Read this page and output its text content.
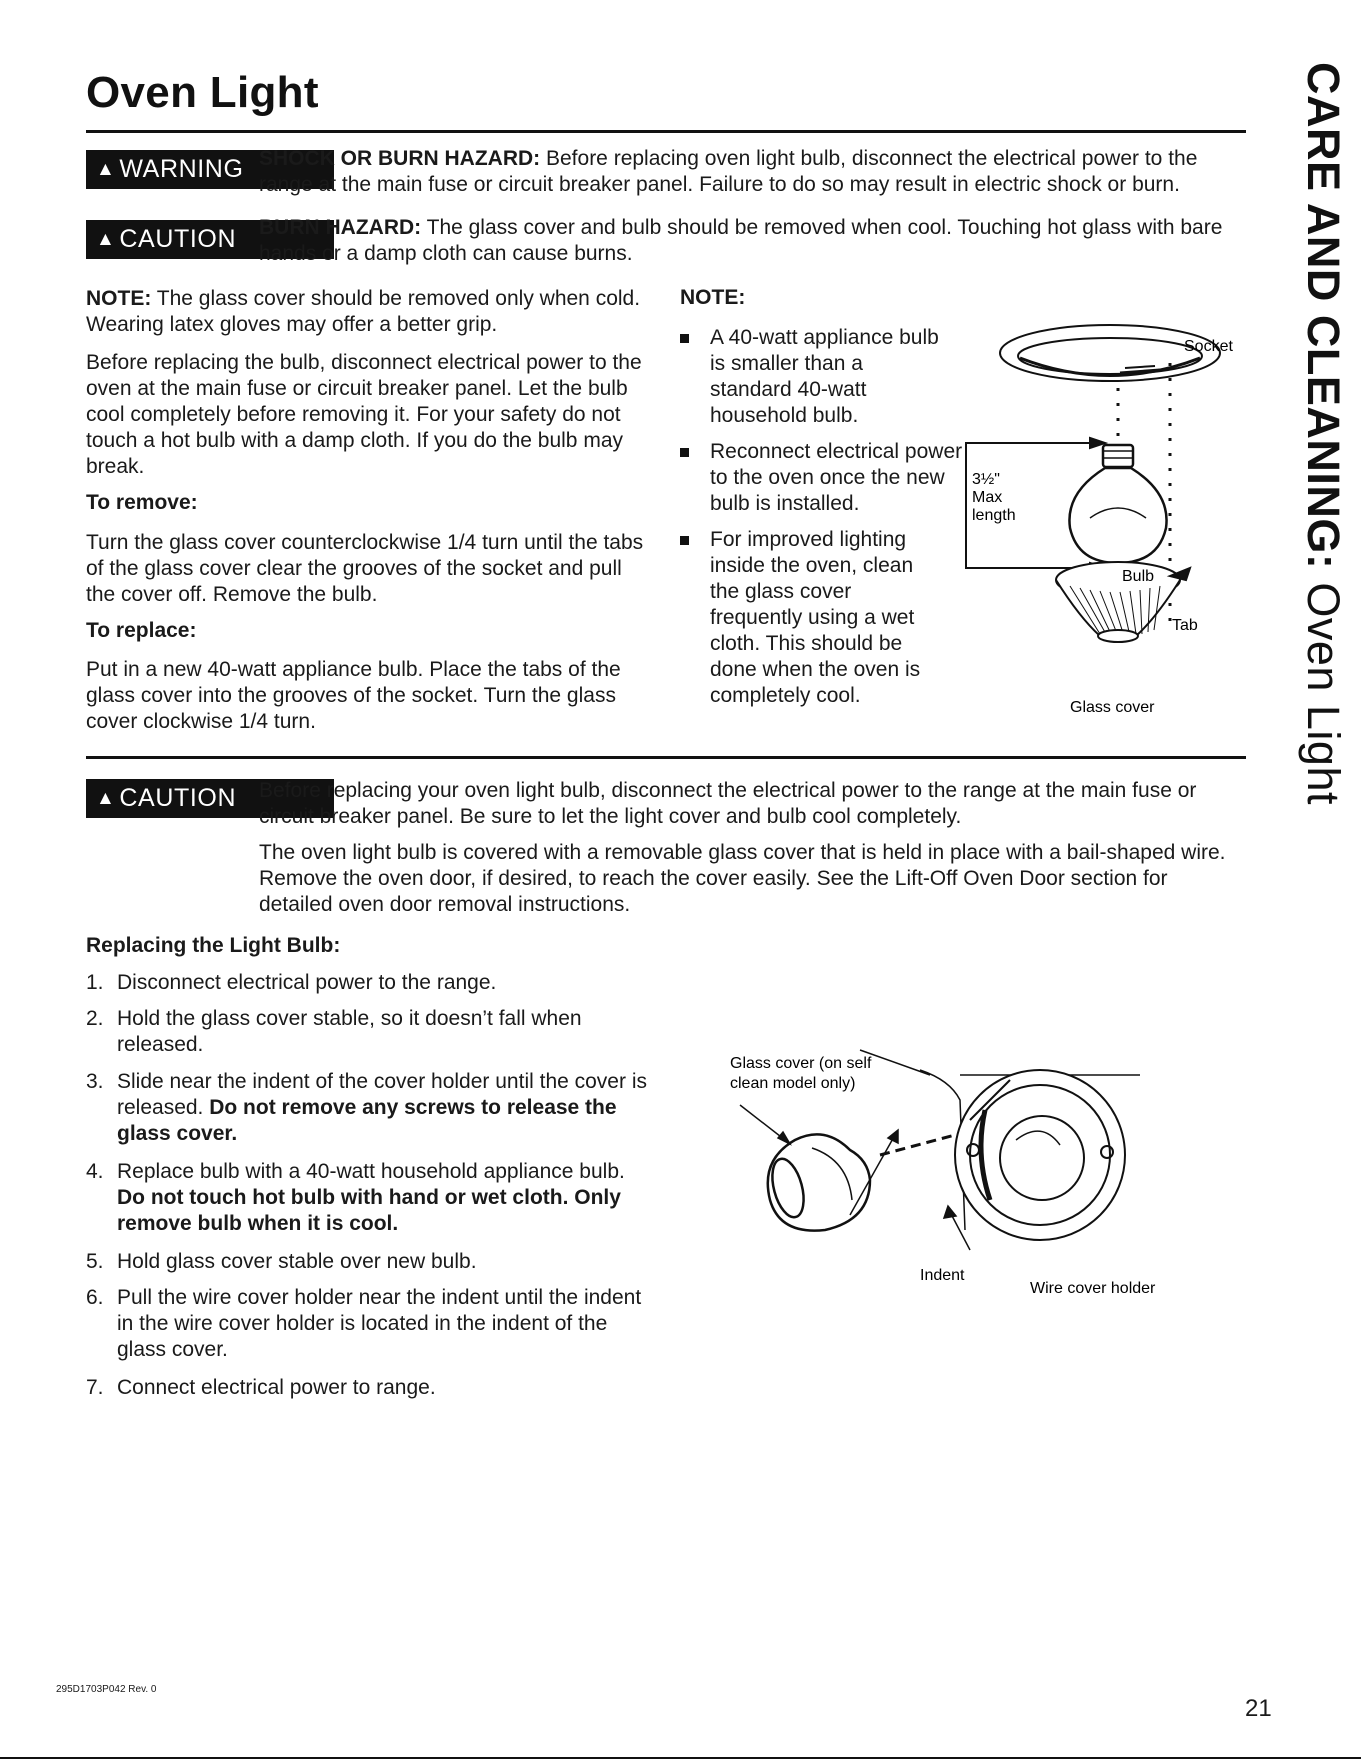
Oven Light	CARE AND CLEANING: Oven Light
▲ WARNING SHOCK OR BURN HAZARD: Before replacing oven light bulb, disconnect the electrical power to the range at the main fuse or circuit breaker panel. Failure to do so may result in electric shock or burn.
▲ CAUTION	BURN HAZARD: The glass cover and bulb should be removed when cool. Touching hot glass with bare hands or a damp cloth can cause burns.
NOTE: The glass cover should be removed only when cold. Wearing latex gloves may offer a better grip.
Before replacing the bulb, disconnect electrical power to the oven at the main fuse or circuit breaker panel. Let the bulb cool completely before removing it. For your safety do not touch a hot bulb with a damp cloth. If you do the bulb may break.
To remove:
Turn the glass cover counterclockwise 1/4 turn until the tabs of the glass cover clear the grooves of the socket and pull the cover off. Remove the bulb.
To replace:
Put in a new 40-watt appliance bulb. Place the tabs of the glass cover into the grooves of the socket. Turn the glass cover clockwise 1/4 turn.
NOTE:
A 40-watt appliance bulb is smaller than a standard 40-watt household bulb.
Reconnect electrical power to the oven once the new bulb is installed.
For improved lighting inside the oven, clean the glass cover frequently using a wet cloth. This should be done when the oven is completely cool.
Socket
3½"
Max
length
Bulb
Tab
Glass cover
▲ CAUTION	Before replacing your oven light bulb, disconnect the electrical power to the range at the main fuse or circuit breaker panel. Be sure to let the light cover and bulb cool completely.
The oven light bulb is covered with a removable glass cover that is held in place with a bail-shaped wire. Remove the oven door, if desired, to reach the cover easily. See the Lift-Off Oven Door section for detailed oven door removal instructions.
Replacing the Light Bulb:
1. Disconnect electrical power to the range.
2. Hold the glass cover stable, so it doesn’t fall when released.
3. Slide near the indent of the cover holder until the cover is released. Do not remove any screws to release the glass cover.
4. Replace bulb with a 40-watt household appliance bulb. Do not touch hot bulb with hand or wet cloth. Only remove bulb when it is cool.
5. Hold glass cover stable over new bulb.
6. Pull the wire cover holder near the indent until the indent in the wire cover holder is located in the indent of the glass cover.
7. Connect electrical power to range.
Glass cover (on self
clean model only)
Indent
Wire cover holder
295D1703P042 Rev. 0
21
